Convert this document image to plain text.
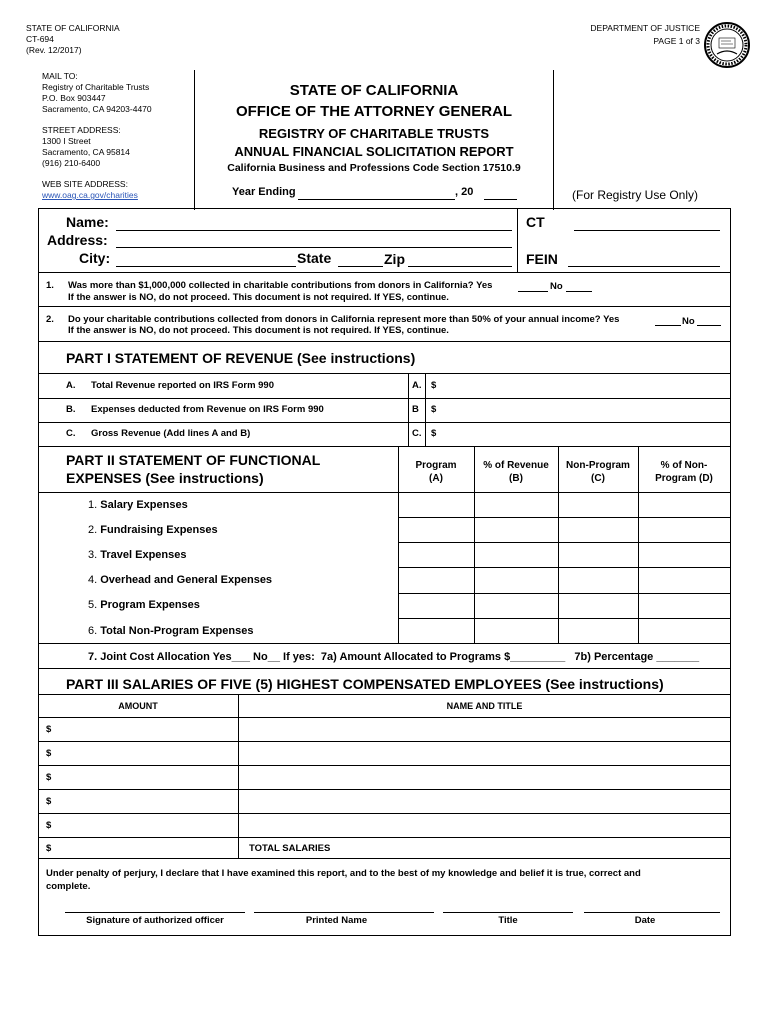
STATE OF CALIFORNIA
CT-694
(Rev. 12/2017)
DEPARTMENT OF JUSTICE
PAGE 1 of 3
MAIL TO:
Registry of Charitable Trusts
P.O. Box 903447
Sacramento, CA 94203-4470
STREET ADDRESS:
1300 I Street
Sacramento, CA 95814
(916) 210-6400
WEB SITE ADDRESS:
www.oag.ca.gov/charities
STATE OF CALIFORNIA
OFFICE OF THE ATTORNEY GENERAL
REGISTRY OF CHARITABLE TRUSTS
ANNUAL FINANCIAL SOLICITATION REPORT
California Business and Professions Code Section 17510.9
Year Ending	, 20	(For Registry Use Only)
Name:
Address:
City:	State	Zip
CT
FEIN
1. Was more than $1,000,000 collected in charitable contributions from donors in California? Yes	No
If the answer is NO, do not proceed. This document is not required. If YES, continue.
2. Do your charitable contributions collected from donors in California represent more than 50% of your annual income? Yes	No
If the answer is NO, do not proceed. This document is not required. If YES, continue.
PART I STATEMENT OF REVENUE (See instructions)
A. Total Revenue reported on IRS Form 990	A. $
B. Expenses deducted from Revenue on IRS Form 990	B $
C. Gross Revenue (Add lines A and B)	C. $
PART II STATEMENT OF FUNCTIONAL
EXPENSES (See instructions)
Program
(A)
% of Revenue
(B)
Non-Program
(C)
% of Non-
Program (D)
1. Salary Expenses
2. Fundraising Expenses
3. Travel Expenses
4. Overhead and General Expenses
5. Program Expenses
6. Total Non-Program Expenses
7. Joint Cost Allocation Yes___ No__ If yes:  7a) Amount Allocated to Programs $_________   7b) Percentage _______
PART III SALARIES OF FIVE (5) HIGHEST COMPENSATED EMPLOYEES (See instructions)
AMOUNT	NAME AND TITLE
$
$
$
$
$
$	TOTAL SALARIES
Under penalty of perjury, I declare that I have examined this report, and to the best of my knowledge and belief it is true, correct and
complete.
Signature of authorized officer	Printed Name	Title	Date
